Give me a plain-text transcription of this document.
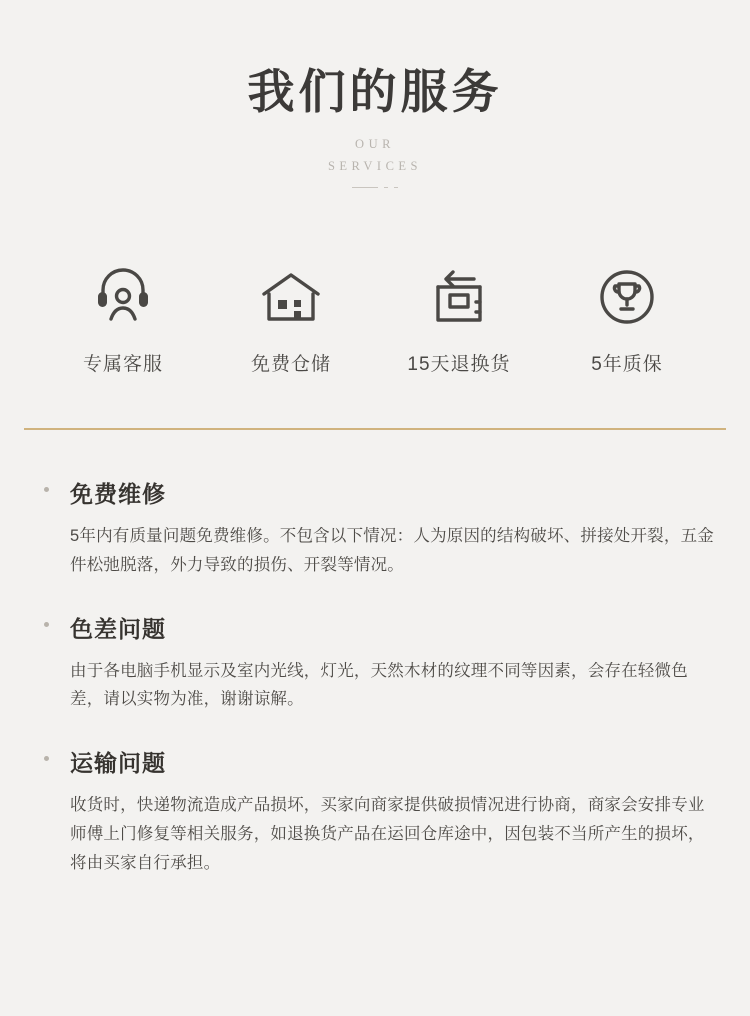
我们的服务
OUR
SERVICES
专属客服	免费仓储	15天退换货	5年质保
免费维修
5年内有质量问题免费维修。不包含以下情况：人为原因的结构破坏、拼接处开裂，五金件松弛脱落，外力导致的损伤、开裂等情况。
色差问题
由于各电脑手机显示及室内光线，灯光，天然木材的纹理不同等因素，会存在轻微色差，请以实物为准，谢谢谅解。
运输问题
收货时，快递物流造成产品损坏，买家向商家提供破损情况进行协商，商家会安排专业师傅上门修复等相关服务，如退换货产品在运回仓库途中，因包装不当所产生的损坏，将由买家自行承担。
